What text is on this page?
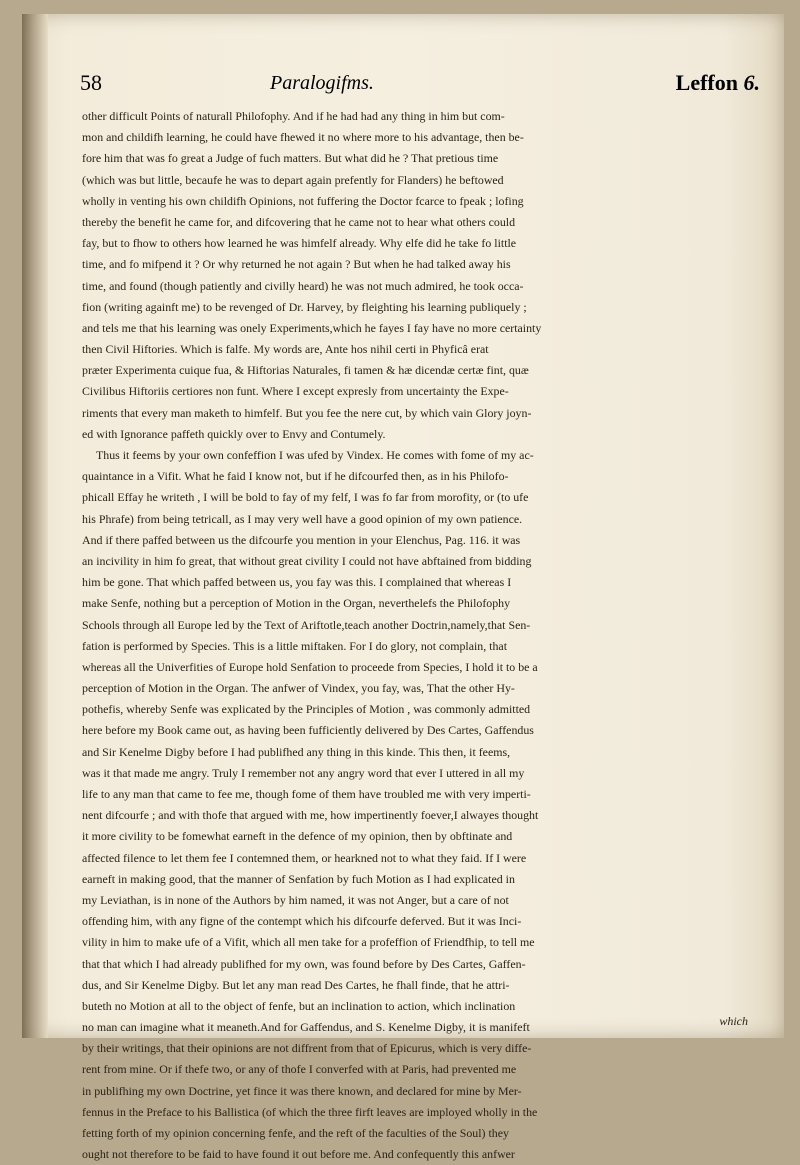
58	Paralogifms.	Leffon 6.
other difficult Points of naturall Philofophy. And if he had had any thing in him but com-
mon and childifh learning, he could have fhewed it no where more to his advantage, then be-
fore him that was fo great a Judge of fuch matters. But what did he ? That pretious time
(which was but little, becaufe he was to depart again prefently for Flanders) he beftowed
wholly in venting his own childifh Opinions, not fuffering the Doctor fcarce to fpeak ; lofing
thereby the benefit he came for, and difcovering that he came not to hear what others could
fay, but to fhow to others how learned he was himfelf already. Why elfe did he take fo little
time, and fo mifpend it ? Or why returned he not again ? But when he had talked away his
time, and found (though patiently and civilly heard) he was not much admired, he took occa-
fion (writing againft me) to be revenged of Dr. Harvey, by fleighting his learning publiquely ;
and tels me that his learning was onely Experiments,which he fayes I fay have no more certainty
then Civil Hiftories. Which is falfe. My words are, Ante hos nihil certi in Phyficâ erat
præter Experimenta cuique fua, & Hiftorias Naturales, fi tamen & hæ dicendæ certæ fint, quæ
Civilibus Hiftoriis certiores non funt. Where I except expresly from uncertainty the Expe-
riments that every man maketh to himfelf. But you fee the nere cut, by which vain Glory joyn-
ed with Ignorance paffeth quickly over to Envy and Contumely.
Thus it feems by your own confeffion I was ufed by Vindex. He comes with fome of my ac-
quaintance in a Vifit. What he faid I know not, but if he difcourfed then, as in his Philofo-
phicall Effay he writeth , I will be bold to fay of my felf, I was fo far from morofity, or (to ufe
his Phrafe) from being tetricall, as I may very well have a good opinion of my own patience.
And if there paffed between us the difcourfe you mention in your Elenchus, Pag. 116. it was
an incivility in him fo great, that without great civility I could not have abftained from bidding
him be gone. That which paffed between us, you fay was this. I complained that whereas I
make Senfe, nothing but a perception of Motion in the Organ, neverthelefs the Philofophy
Schools through all Europe led by the Text of Ariftotle,teach another Doctrin,namely,that Sen-
fation is performed by Species. This is a little miftaken. For I do glory, not complain, that
whereas all the Univerfities of Europe hold Senfation to proceede from Species, I hold it to be a
perception of Motion in the Organ. The anfwer of Vindex, you fay, was, That the other Hy-
pothefis, whereby Senfe was explicated by the Principles of Motion , was commonly admitted
here before my Book came out, as having been fufficiently delivered by Des Cartes, Gaffendus
and Sir Kenelme Digby before I had publifhed any thing in this kinde. This then, it feems,
was it that made me angry. Truly I remember not any angry word that ever I uttered in all my
life to any man that came to fee me, though fome of them have troubled me with very imperti-
nent difcourfe ; and with thofe that argued with me, how impertinently foever,I alwayes thought
it more civility to be fomewhat earneft in the defence of my opinion, then by obftinate and
affected filence to let them fee I contemned them, or hearkned not to what they faid. If I were
earneft in making good, that the manner of Senfation by fuch Motion as I had explicated in
my Leviathan, is in none of the Authors by him named, it was not Anger, but a care of not
offending him, with any figne of the contempt which his difcourfe deferved. But it was Inci-
vility in him to make ufe of a Vifit, which all men take for a profeffion of Friendfhip, to tell me
that that which I had already publifhed for my own, was found before by Des Cartes, Gaffen-
dus, and Sir Kenelme Digby. But let any man read Des Cartes, he fhall finde, that he attri-
buteth no Motion at all to the object of fenfe, but an inclination to action, which inclination
no man can imagine what it meaneth.And for Gaffendus, and S. Kenelme Digby, it is manifeft
by their writings, that their opinions are not diffrent from that of Epicurus, which is very diffe-
rent from mine. Or if thefe two, or any of thofe I converfed with at Paris, had prevented me
in publifhing my own Doctrine, yet fince it was there known, and declared for mine by Mer-
fennus in the Preface to his Ballistica (of which the three firft leaves are imployed wholly in the
fetting forth of my opinion concerning fenfe, and the reft of the faculties of the Soul) they
ought not therefore to be faid to have found it out before me. And confequently this anfwer
which
